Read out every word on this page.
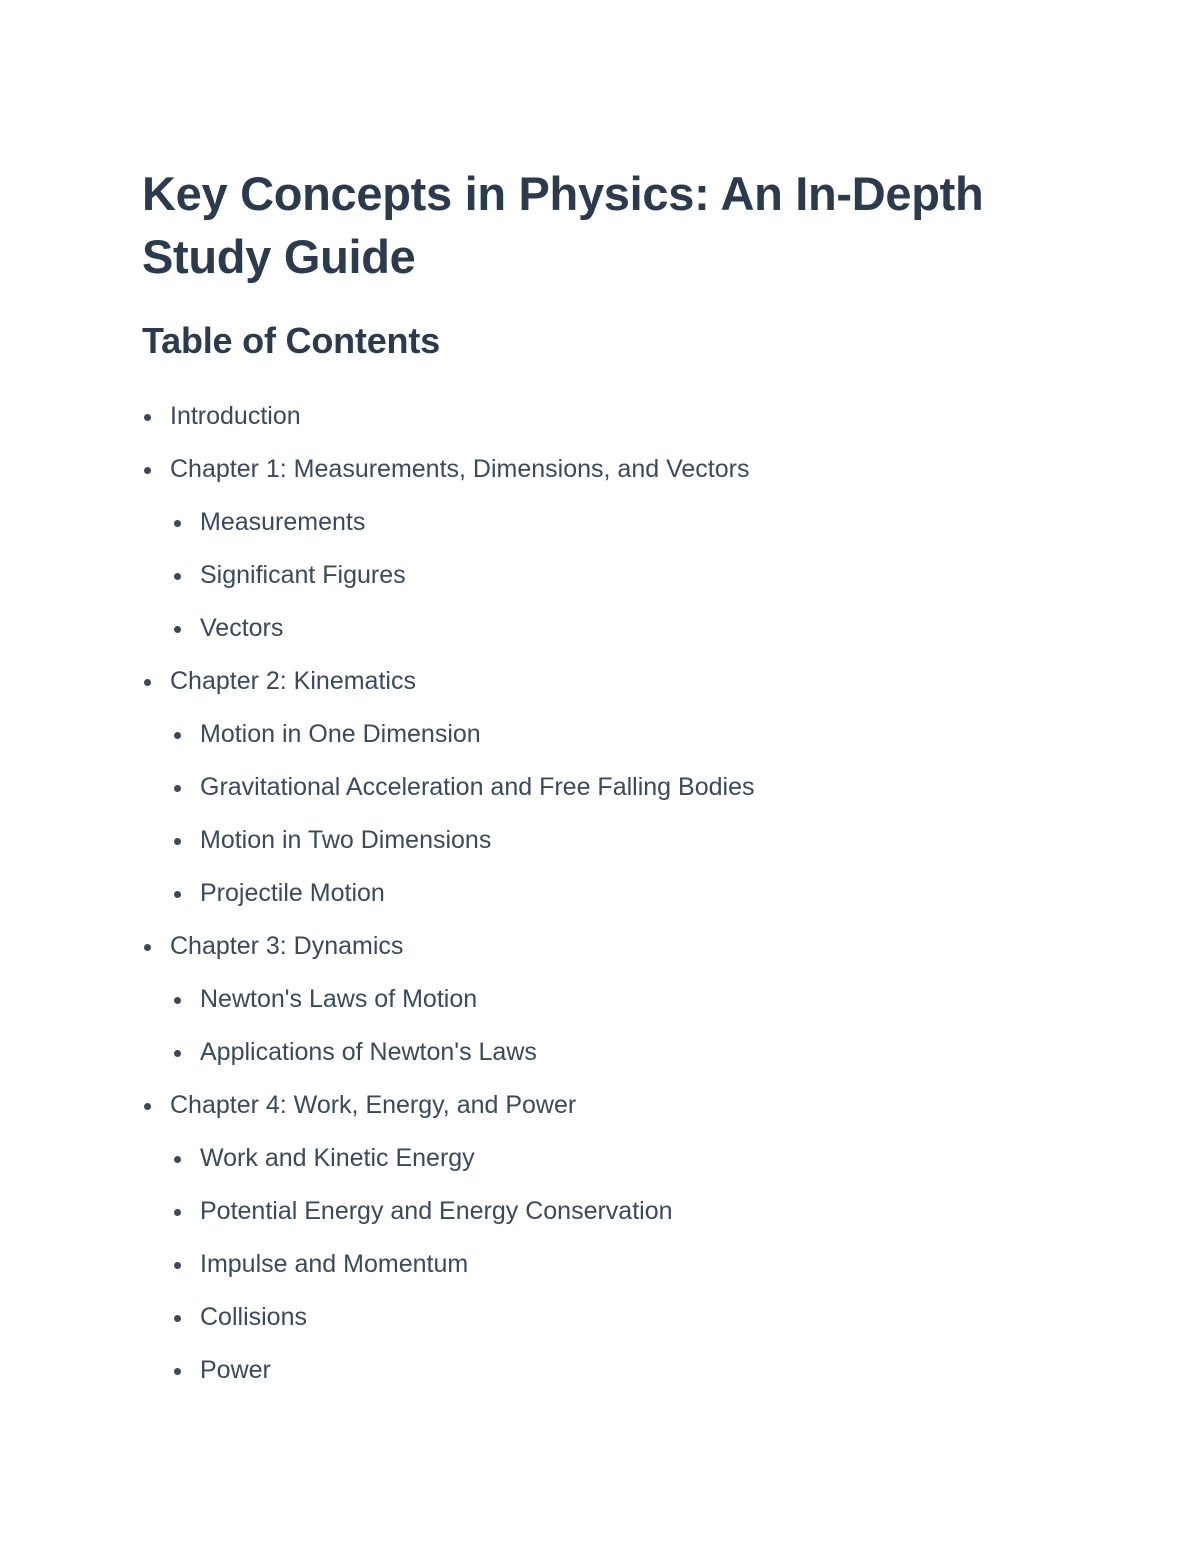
Key Concepts in Physics: An In-Depth
Study Guide
Table of Contents
Introduction
Chapter 1: Measurements, Dimensions, and Vectors
Measurements
Significant Figures
Vectors
Chapter 2: Kinematics
Motion in One Dimension
Gravitational Acceleration and Free Falling Bodies
Motion in Two Dimensions
Projectile Motion
Chapter 3: Dynamics
Newton's Laws of Motion
Applications of Newton's Laws
Chapter 4: Work, Energy, and Power
Work and Kinetic Energy
Potential Energy and Energy Conservation
Impulse and Momentum
Collisions
Power
